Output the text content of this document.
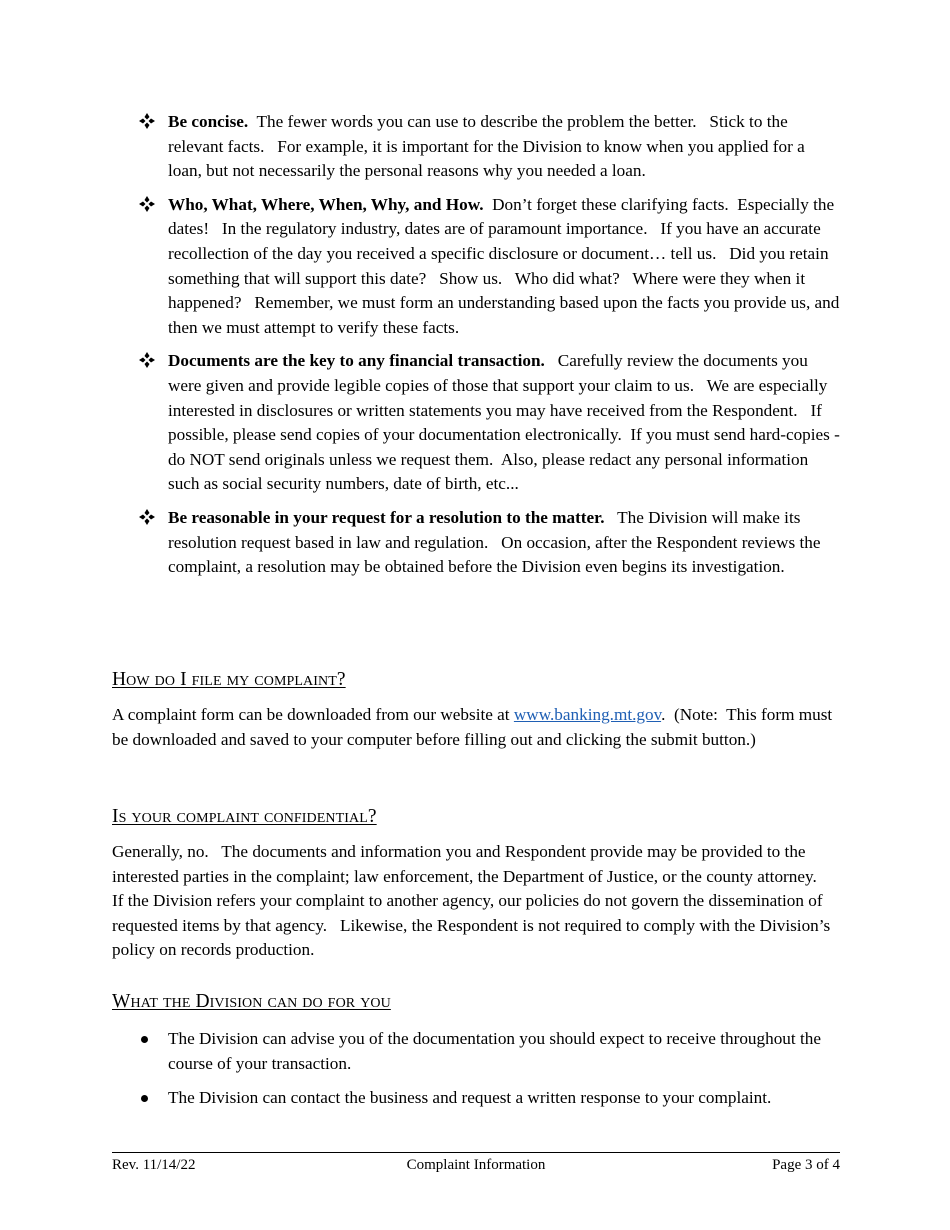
Be concise.  The fewer words you can use to describe the problem the better.   Stick to the relevant facts.   For example, it is important for the Division to know when you applied for a loan, but not necessarily the personal reasons why you needed a loan.
Who, What, Where, When, Why, and How.  Don’t forget these clarifying facts.  Especially the dates!   In the regulatory industry, dates are of paramount importance.   If you have an accurate recollection of the day you received a specific disclosure or document… tell us.   Did you retain something that will support this date?   Show us.   Who did what?   Where were they when it happened?   Remember, we must form an understanding based upon the facts you provide us, and then we must attempt to verify these facts.
Documents are the key to any financial transaction.   Carefully review the documents you were given and provide legible copies of those that support your claim to us.   We are especially interested in disclosures or written statements you may have received from the Respondent.   If possible, please send copies of your documentation electronically.  If you must send hard-copies - do NOT send originals unless we request them.  Also, please redact any personal information such as social security numbers, date of birth, etc...
Be reasonable in your request for a resolution to the matter.   The Division will make its resolution request based in law and regulation.   On occasion, after the Respondent reviews the complaint, a resolution may be obtained before the Division even begins its investigation.
How do I file my complaint?

A complaint form can be downloaded from our website at www.banking.mt.gov.  (Note:  This form must be downloaded and saved to your computer before filling out and clicking the submit button.)

Is your complaint confidential?

Generally, no.   The documents and information you and Respondent provide may be provided to the interested parties in the complaint; law enforcement, the Department of Justice, or the county attorney.   If the Division refers your complaint to another agency, our policies do not govern the dissemination of requested items by that agency.   Likewise, the Respondent is not required to comply with the Division’s policy on records production.

What the Division can do for you
The Division can advise you of the documentation you should expect to receive throughout the course of your transaction.
The Division can contact the business and request a written response to your complaint.
Rev. 11/14/22	Complaint Information	Page 3 of 4
